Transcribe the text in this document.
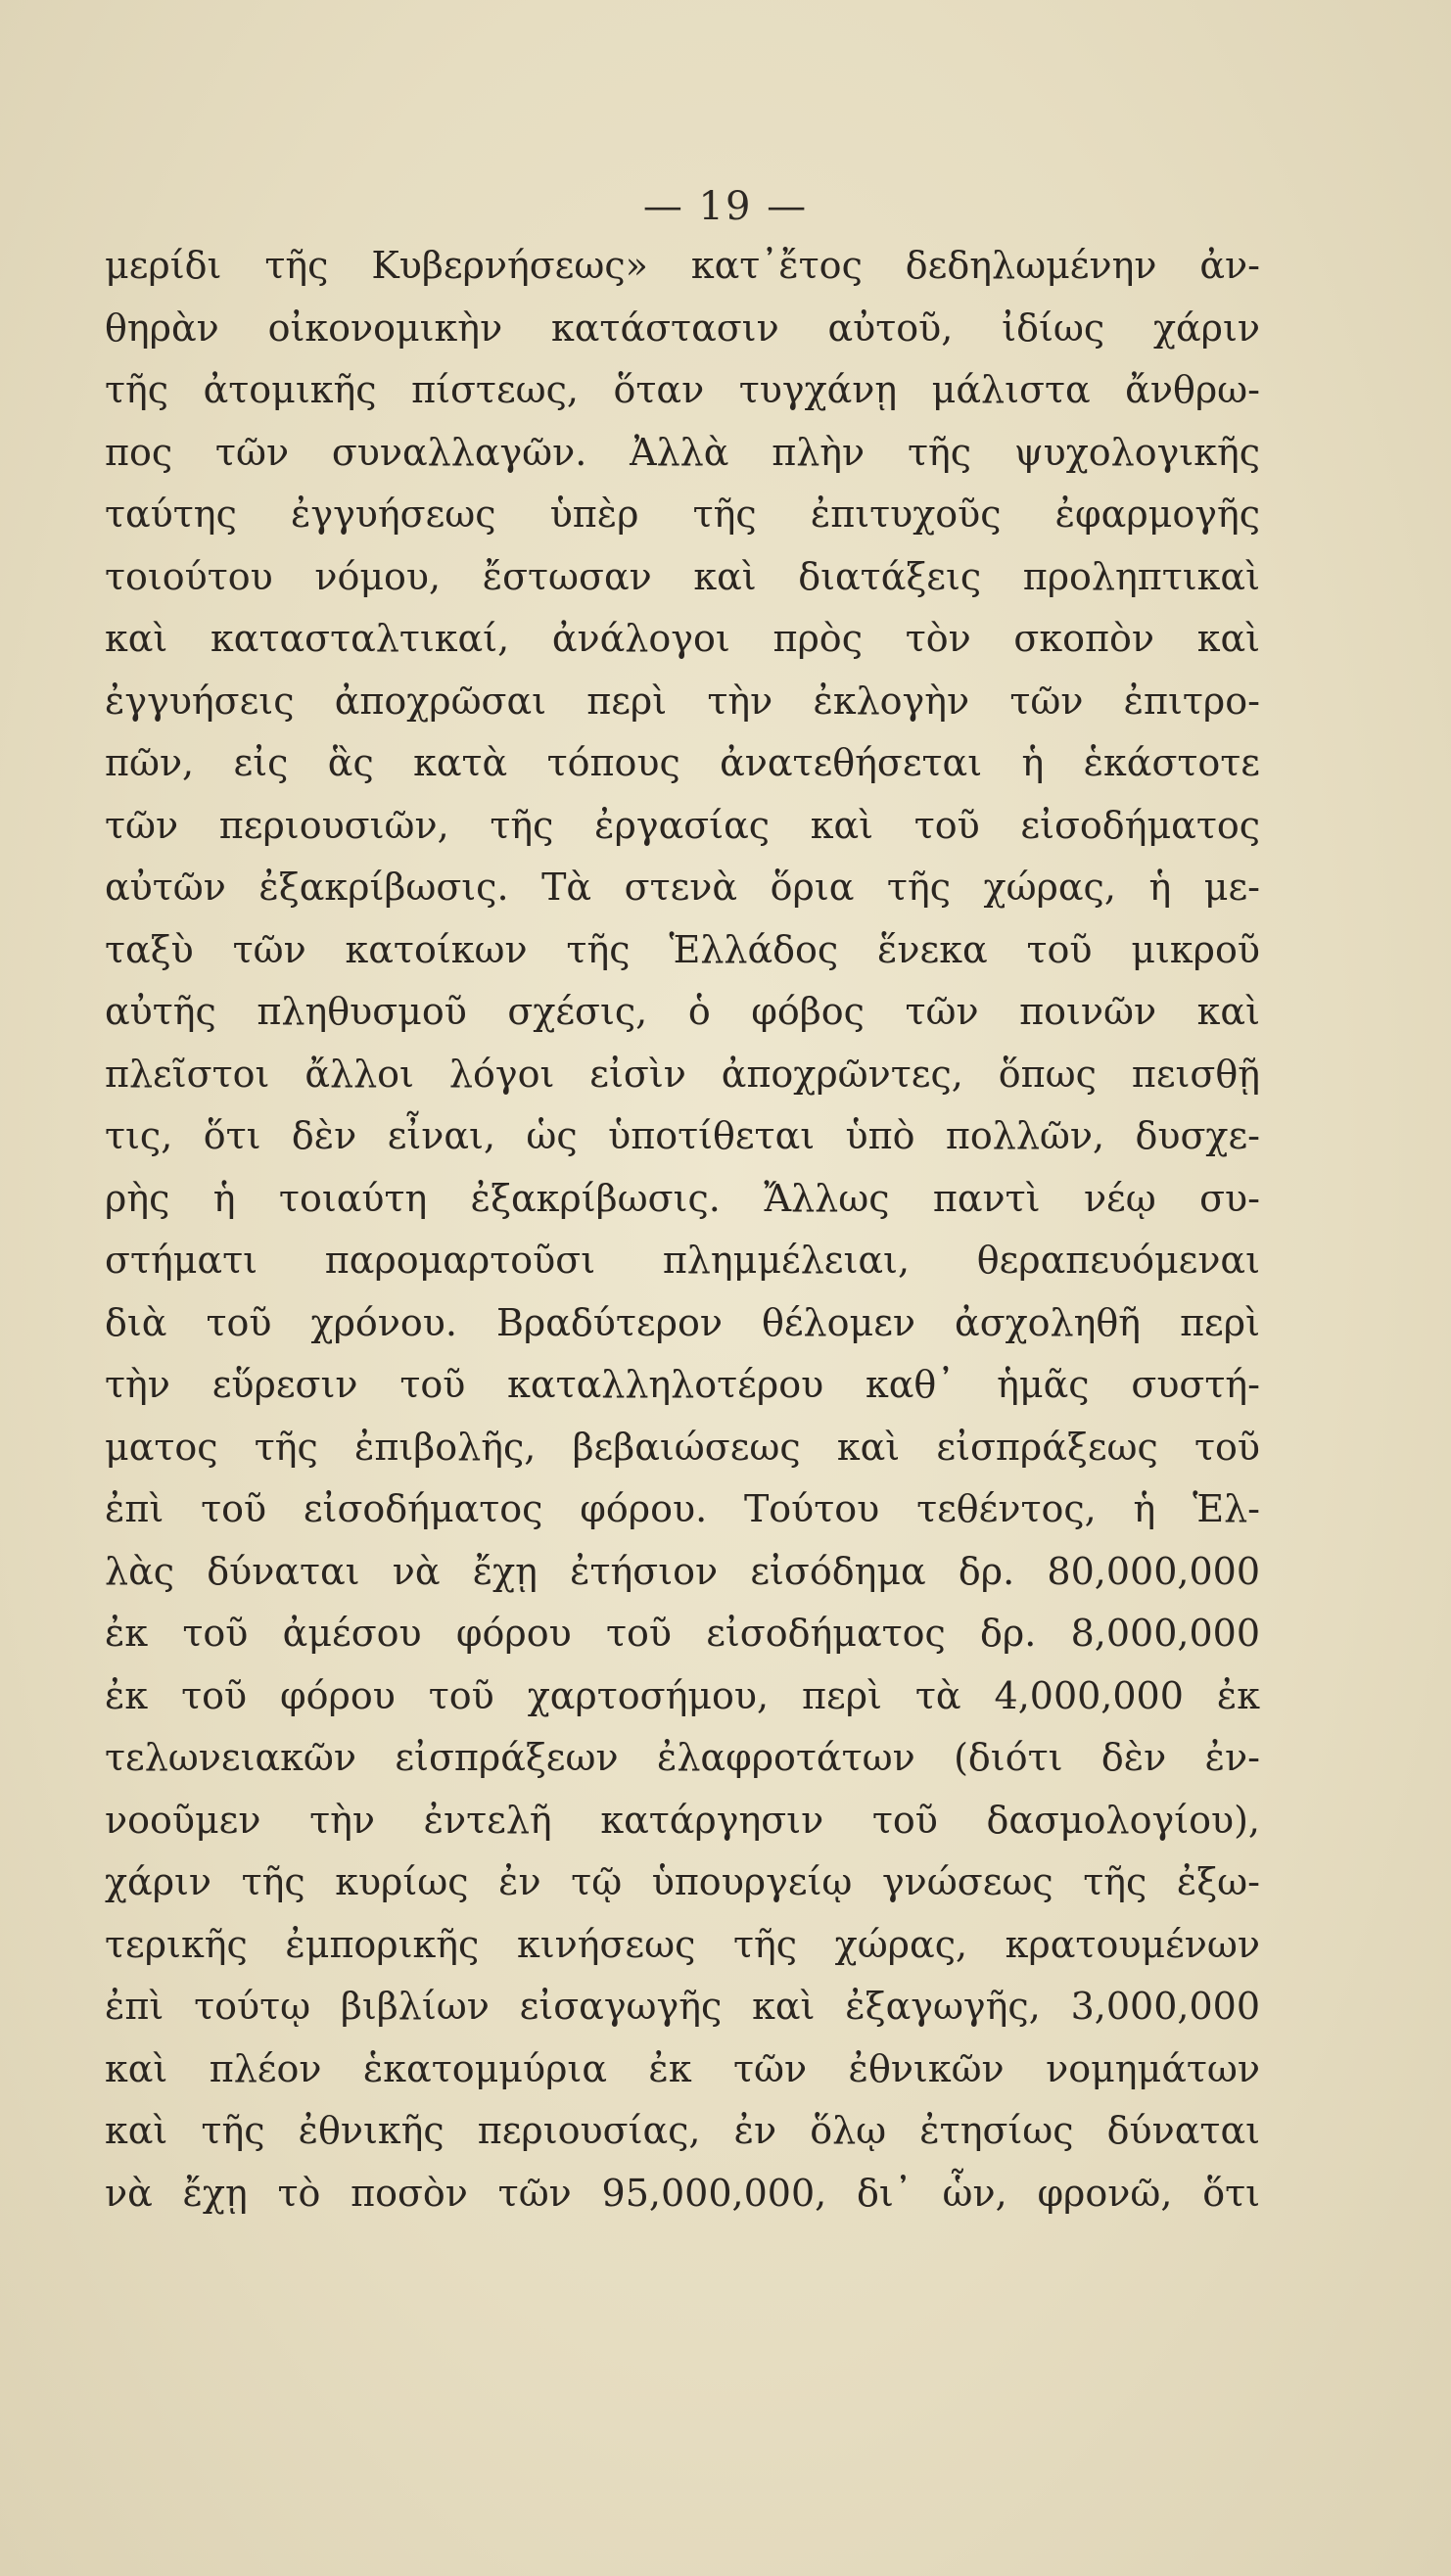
— 19 —
μερίδι τῆς Κυβερνήσεως» κατ᾽ἔτος δεδηλωμένην ἀν-
θηρὰν οἰκονομικὴν κατάστασιν αὐτοῦ, ἰδίως χάριν
τῆς ἀτομικῆς πίστεως, ὅταν τυγχάνῃ μάλιστα ἄνθρω-
πος τῶν συναλλαγῶν. Ἀλλὰ πλὴν τῆς ψυχολογικῆς
ταύτης ἐγγυήσεως ὑπὲρ τῆς ἐπιτυχοῦς ἐφαρμογῆς
τοιούτου νόμου, ἔστωσαν καὶ διατάξεις προληπτικαὶ
καὶ κατασταλτικαί, ἀνάλογοι πρὸς τὸν σκοπὸν καὶ
ἐγγυήσεις ἀποχρῶσαι περὶ τὴν ἐκλογὴν τῶν ἐπιτρο-
πῶν, εἰς ἃς κατὰ τόπους ἀνατεθήσεται ἡ ἑκάστοτε
τῶν περιουσιῶν, τῆς ἐργασίας καὶ τοῦ εἰσοδήματος
αὐτῶν ἐξακρίβωσις. Τὰ στενὰ ὅρια τῆς χώρας, ἡ με-
ταξὺ τῶν κατοίκων τῆς Ἑλλάδος ἕνεκα τοῦ μικροῦ
αὐτῆς πληθυσμοῦ σχέσις, ὁ φόβος τῶν ποινῶν καὶ
πλεῖστοι ἄλλοι λόγοι εἰσὶν ἀποχρῶντες, ὅπως πεισθῇ
τις, ὅτι δὲν εἶναι, ὡς ὑποτίθεται ὑπὸ πολλῶν, δυσχε-
ρὴς ἡ τοιαύτη ἐξακρίβωσις. Ἄλλως παντὶ νέῳ συ-
στήματι παρομαρτοῦσι πλημμέλειαι, θεραπευόμεναι
διὰ τοῦ χρόνου. Βραδύτερον θέλομεν ἀσχοληθῆ περὶ
τὴν εὕρεσιν τοῦ καταλληλοτέρου καθ᾽ ἡμᾶς συστή-
ματος τῆς ἐπιβολῆς, βεβαιώσεως καὶ εἰσπράξεως τοῦ
ἐπὶ τοῦ εἰσοδήματος φόρου. Τούτου τεθέντος, ἡ Ἑλ-
λὰς δύναται νὰ ἔχῃ ἐτήσιον εἰσόδημα δρ. 80,000,000
ἐκ τοῦ ἀμέσου φόρου τοῦ εἰσοδήματος δρ. 8,000,000
ἐκ τοῦ φόρου τοῦ χαρτοσήμου, περὶ τὰ 4,000,000 ἐκ
τελωνειακῶν εἰσπράξεων ἐλαφροτάτων (διότι δὲν ἐν-
νοοῦμεν τὴν ἐντελῆ κατάργησιν τοῦ δασμολογίου),
χάριν τῆς κυρίως ἐν τῷ ὑπουργείῳ γνώσεως τῆς ἐξω-
τερικῆς ἐμπορικῆς κινήσεως τῆς χώρας, κρατουμένων
ἐπὶ τούτῳ βιβλίων εἰσαγωγῆς καὶ ἐξαγωγῆς, 3,000,000
καὶ πλέον ἑκατομμύρια ἐκ τῶν ἐθνικῶν νομημάτων
καὶ τῆς ἐθνικῆς περιουσίας, ἐν ὅλῳ ἐτησίως δύναται
νὰ ἔχῃ τὸ ποσὸν τῶν 95,000,000, δι᾽ ὧν, φρονῶ, ὅτι
